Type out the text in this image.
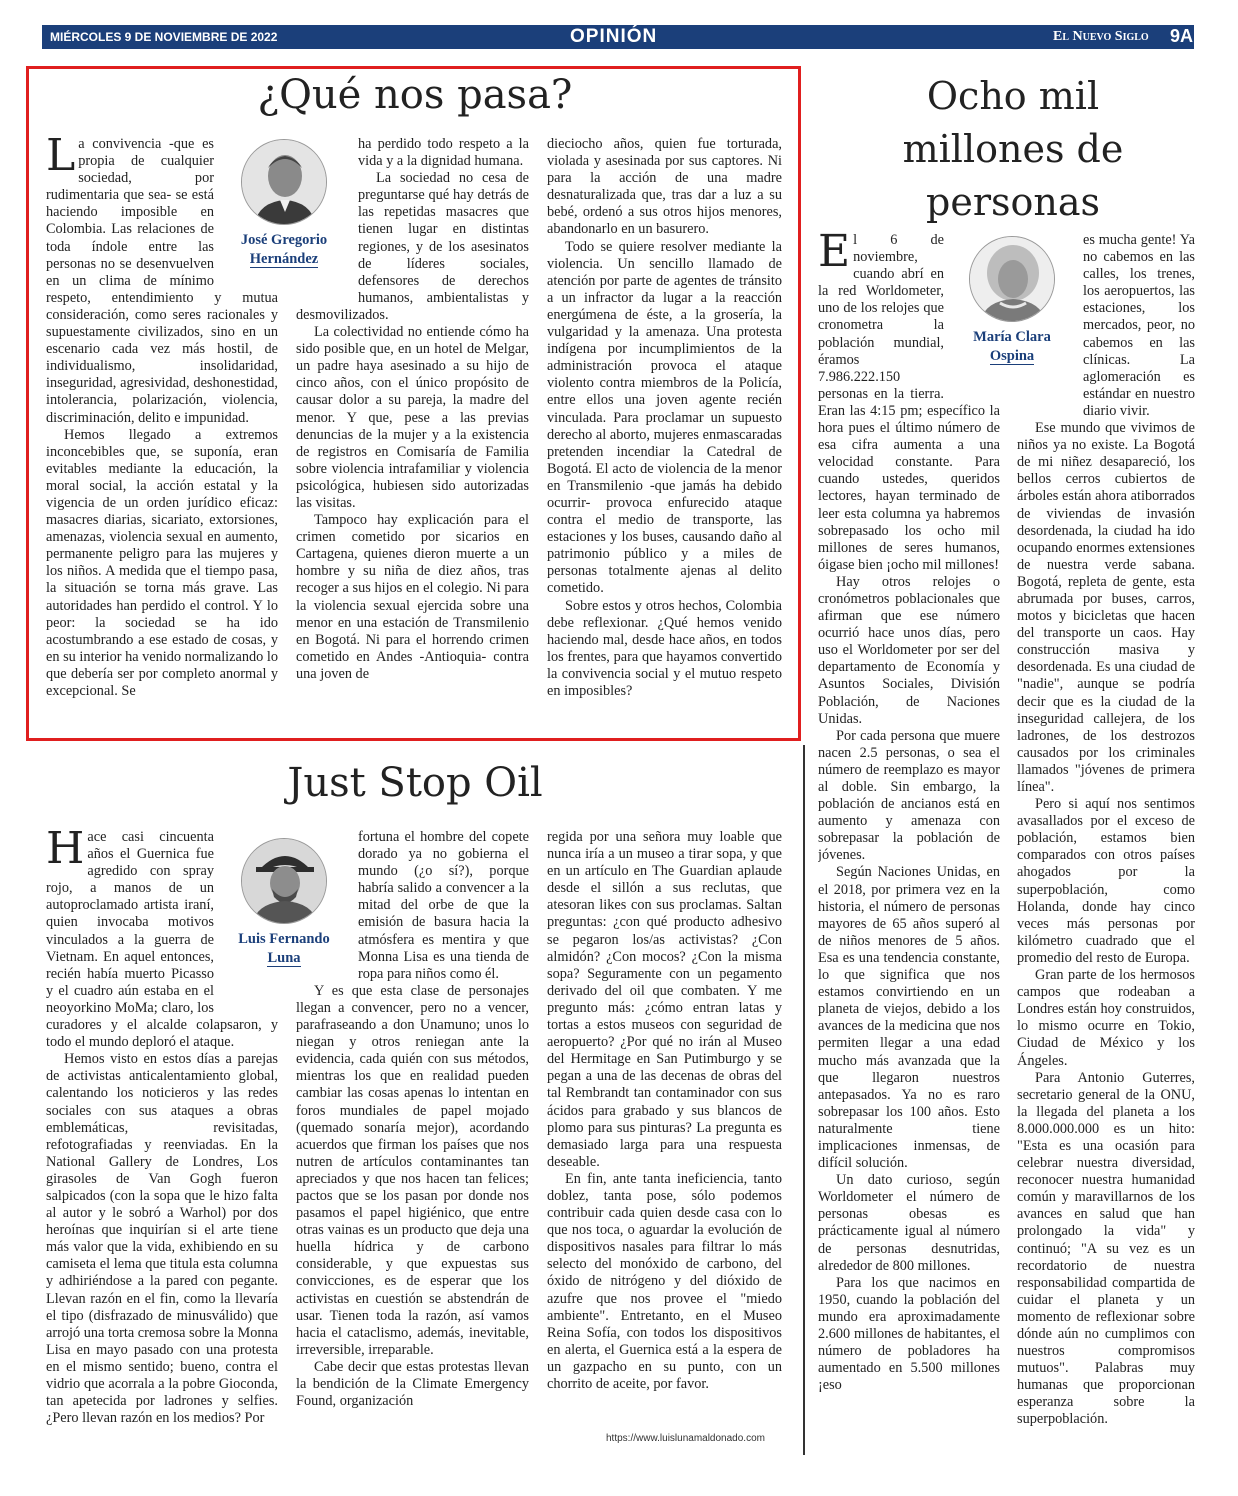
MIÉRCOLES 9 DE NOVIEMBRE DE 2022	OPINIÓN	El Nuevo Siglo 9A
¿Qué nos pasa?
L a convivencia -que es propia de cualquier sociedad, por rudimentaria que sea- se está haciendo imposible en Colombia. Las relaciones de toda índole entre las personas no se desenvuelven en un clima de mínimo respeto, entendimiento y mutua consideración, como seres racionales y supuestamente civilizados, sino en un escenario cada vez más hostil, de individualismo, insolidaridad, inseguridad, agresividad, deshonestidad, intolerancia, polarización, violencia, discriminación, delito e impunidad.

Hemos llegado a extremos inconcebibles que, se suponía, eran evitables mediante la educación, la moral social, la acción estatal y la vigencia de un orden jurídico eficaz: masacres diarias, sicariato, extorsiones, amenazas, violencia sexual en aumento, permanente peligro para las mujeres y los niños. A medida que el tiempo pasa, la situación se torna más grave. Las autoridades han perdido el control. Y lo peor: la sociedad se ha ido acostumbrando a ese estado de cosas, y en su interior ha venido normalizando lo que debería ser por completo anormal y excepcional. Se

José Gregorio
Hernández

ha perdido todo respeto a la vida y a la dignidad humana.

La sociedad no cesa de preguntarse qué hay detrás de las repetidas masacres que tienen lugar en distintas regiones, y de los asesinatos de líderes sociales, defensores de derechos humanos, ambientalistas y desmovilizados.

La colectividad no entiende cómo ha sido posible que, en un hotel de Melgar, un padre haya asesinado a su hijo de cinco años, con el único propósito de causar dolor a su pareja, la madre del menor. Y que, pese a las previas denuncias de la mujer y a la existencia de registros en Comisaría de Familia sobre violencia intrafamiliar y violencia psicológica, hubiesen sido autorizadas las visitas.

Tampoco hay explicación para el crimen cometido por sicarios en Cartagena, quienes dieron muerte a un hombre y su niña de diez años, tras recoger a sus hijos en el colegio. Ni para la violencia sexual ejercida sobre una menor en una estación de Transmilenio en Bogotá. Ni para el horrendo crimen cometido en Andes -Antioquia- contra una joven de

dieciocho años, quien fue torturada, violada y asesinada por sus captores. Ni para la acción de una madre desnaturalizada que, tras dar a luz a su bebé, ordenó a sus otros hijos menores, abandonarlo en un basurero.

Todo se quiere resolver mediante la violencia. Un sencillo llamado de atención por parte de agentes de tránsito a un infractor da lugar a la reacción energúmena de éste, a la grosería, la vulgaridad y la amenaza. Una protesta indígena por incumplimientos de la administración provoca el ataque violento contra miembros de la Policía, entre ellos una joven agente recién vinculada. Para proclamar un supuesto derecho al aborto, mujeres enmascaradas pretenden incendiar la Catedral de Bogotá. El acto de violencia de la menor en Transmilenio -que jamás ha debido ocurrir- provoca enfurecido ataque contra el medio de transporte, las estaciones y los buses, causando daño al patrimonio público y a miles de personas totalmente ajenas al delito cometido.

Sobre estos y otros hechos, Colombia debe reflexionar. ¿Qué hemos venido haciendo mal, desde hace años, en todos los frentes, para que hayamos convertido la convivencia social y el mutuo respeto en imposibles?

Just Stop Oil
H ace casi cincuenta años el Guernica fue agredido con spray rojo, a manos de un autoproclamado artista iraní, quien invocaba motivos vinculados a la guerra de Vietnam. En aquel entonces, recién había muerto Picasso y el cuadro aún estaba en el neoyorkino MoMa; claro, los curadores y el alcalde colapsaron, y todo el mundo deploró el ataque.

Hemos visto en estos días a parejas de activistas anticalentamiento global, calentando los noticieros y las redes sociales con sus ataques a obras emblemáticas, revisitadas, refotografiadas y reenviadas. En la National Gallery de Londres, Los girasoles de Van Gogh fueron salpicados (con la sopa que le hizo falta al autor y le sobró a Warhol) por dos heroínas que inquirían si el arte tiene más valor que la vida, exhibiendo en su camiseta el lema que titula esta columna y adhiriéndose a la pared con pegante. Llevan razón en el fin, como la llevaría el tipo (disfrazado de minusválido) que arrojó una torta cremosa sobre la Monna Lisa en mayo pasado con una protesta en el mismo sentido; bueno, contra el vidrio que acorrala a la pobre Gioconda, tan apetecida por ladrones y selfies. ¿Pero llevan razón en los medios? Por

Luis Fernando
Luna

fortuna el hombre del copete dorado ya no gobierna el mundo (¿o sí?), porque habría salido a convencer a la mitad del orbe de que la emisión de basura hacia la atmósfera es mentira y que Monna Lisa es una tienda de ropa para niños como él.

Y es que esta clase de personajes llegan a convencer, pero no a vencer, parafraseando a don Unamuno; unos lo niegan y otros reniegan ante la evidencia, cada quién con sus métodos, mientras los que en realidad pueden cambiar las cosas apenas lo intentan en foros mundiales de papel mojado (quemado sonaría mejor), acordando acuerdos que firman los países que nos nutren de artículos contaminantes tan apreciados y que nos hacen tan felices; pactos que se los pasan por donde nos pasamos el papel higiénico, que entre otras vainas es un producto que deja una huella hídrica y de carbono considerable, y que expuestas sus convicciones, es de esperar que los activistas en cuestión se abstendrán de usar. Tienen toda la razón, así vamos hacia el cataclismo, además, inevitable, irreversible, irreparable.

Cabe decir que estas protestas llevan la bendición de la Climate Emergency Found, organización

regida por una señora muy loable que nunca iría a un museo a tirar sopa, y que en un artículo en The Guardian aplaude desde el sillón a sus reclutas, que atesoran likes con sus proclamas. Saltan preguntas: ¿con qué producto adhesivo se pegaron los/as activistas? ¿Con almidón? ¿Con mocos? ¿Con la misma sopa? Seguramente con un pegamento derivado del oil que combaten. Y me pregunto más: ¿cómo entran latas y tortas a estos museos con seguridad de aeropuerto? ¿Por qué no irán al Museo del Hermitage en San Putimburgo y se pegan a una de las decenas de obras del tal Rembrandt tan contaminador con sus ácidos para grabado y sus blancos de plomo para sus pinturas? La pregunta es demasiado larga para una respuesta deseable.

En fin, ante tanta ineficiencia, tanto doblez, tanta pose, sólo podemos contribuir cada quien desde casa con lo que nos toca, o aguardar la evolución de dispositivos nasales para filtrar lo más selecto del monóxido de carbono, del óxido de nitrógeno y del dióxido de azufre que nos provee el "miedo ambiente". Entretanto, en el Museo Reina Sofía, con todos los dispositivos en alerta, el Guernica está a la espera de un gazpacho en su punto, con un chorrito de aceite, por favor.

https://www.luislunamaldonado.com
Ocho mil
millones de
personas
E l 6 de noviembre, cuando abrí en la red Worldometer, uno de los relojes que cronometra la población mundial, éramos 7.986.222.150 personas en la tierra. Eran las 4:15 pm; específico la hora pues el último número de esa cifra aumenta a una velocidad constante. Para cuando ustedes, queridos lectores, hayan terminado de leer esta columna ya habremos sobrepasado los ocho mil millones de seres humanos, óigase bien ¡ocho mil millones!

Hay otros relojes o cronómetros poblacionales que afirman que ese número ocurrió hace unos días, pero uso el Worldometer por ser del departamento de Economía y Asuntos Sociales, División Población, de Naciones Unidas.

Por cada persona que muere nacen 2.5 personas, o sea el número de reemplazo es mayor al doble. Sin embargo, la población de ancianos está en aumento y amenaza con sobrepasar la población de jóvenes.

Según Naciones Unidas, en el 2018, por primera vez en la historia, el número de personas mayores de 65 años superó al de niños menores de 5 años. Esa es una tendencia constante, lo que significa que nos estamos convirtiendo en un planeta de viejos, debido a los avances de la medicina que nos permiten llegar a una edad mucho más avanzada que la que llegaron nuestros antepasados. Ya no es raro sobrepasar los 100 años. Esto naturalmente tiene implicaciones inmensas, de difícil solución.

Un dato curioso, según Worldometer el número de personas obesas es prácticamente igual al número de personas desnutridas, alrededor de 800 millones.

Para los que nacimos en 1950, cuando la población del mundo era aproximadamente 2.600 millones de habitantes, el número de pobladores ha aumentado en 5.500 millones ¡eso

María Clara
Ospina

es mucha gente! Ya no cabemos en las calles, los trenes, los aeropuertos, las estaciones, los mercados, peor, no cabemos en las clínicas. La aglomeración es estándar en nuestro diario vivir.

Ese mundo que vivimos de niños ya no existe. La Bogotá de mi niñez desapareció, los bellos cerros cubiertos de árboles están ahora atiborrados de viviendas de invasión desordenada, la ciudad ha ido ocupando enormes extensiones de nuestra verde sabana. Bogotá, repleta de gente, esta abrumada por buses, carros, motos y bicicletas que hacen del transporte un caos. Hay construcción masiva y desordenada. Es una ciudad de "nadie", aunque se podría decir que es la ciudad de la inseguridad callejera, de los ladrones, de los destrozos causados por los criminales llamados "jóvenes de primera línea".

Pero si aquí nos sentimos avasallados por el exceso de población, estamos bien comparados con otros países ahogados por la superpoblación, como Holanda, donde hay cinco veces más personas por kilómetro cuadrado que el promedio del resto de Europa.

Gran parte de los hermosos campos que rodeaban a Londres están hoy construidos, lo mismo ocurre en Tokio, Ciudad de México y los Ángeles.

Para Antonio Guterres, secretario general de la ONU, la llegada del planeta a los 8.000.000.000 es un hito: "Esta es una ocasión para celebrar nuestra diversidad, reconocer nuestra humanidad común y maravillarnos de los avances en salud que han prolongado la vida" y continuó; "A su vez es un recordatorio de nuestra responsabilidad compartida de cuidar el planeta y un momento de reflexionar sobre dónde aún no cumplimos con nuestros compromisos mutuos". Palabras muy humanas que proporcionan esperanza sobre la superpoblación.
